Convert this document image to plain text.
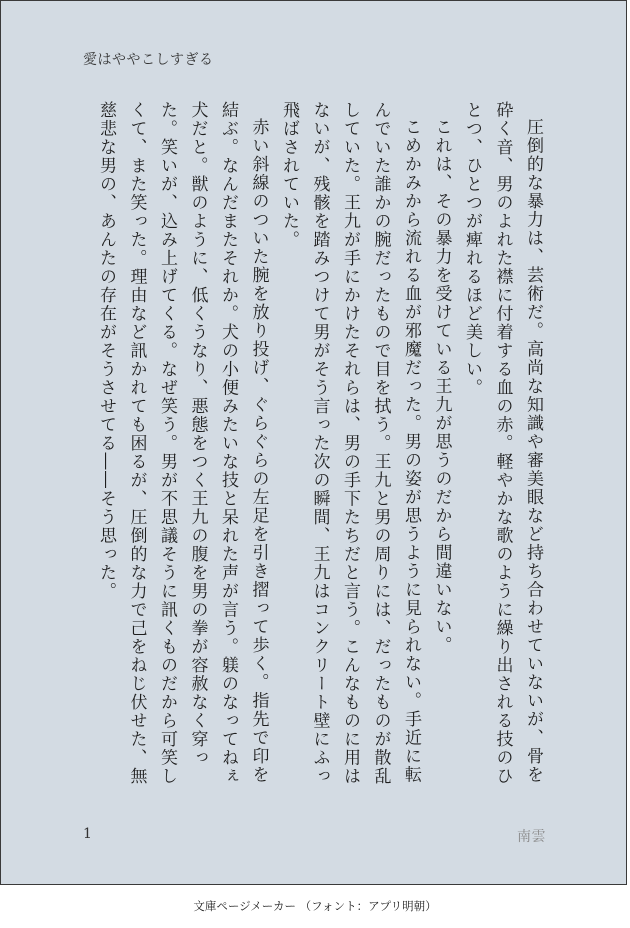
愛はややこしすぎる

圧倒的な暴力は、芸術だ。高尚な知識や審美眼など持ち合わせていないが、骨を砕く音、男のよれた襟に付着する血の赤。軽やかな歌のように繰り出される技のひとつ、ひとつが痺れるほど美しい。

これは、その暴力を受けている王九が思うのだから間違いない。

こめかみから流れる血が邪魔だった。男の姿が思うように見られない。手近に転んでいた誰かの腕だったもので目を拭う。王九と男の周りには、だったものが散乱していた。王九が手にかけたそれらは、男の手下たちだと言う。こんなものに用はないが、残骸を踏みつけて男がそう言った次の瞬間、王九はコンクリート壁にふっ飛ばされていた。

赤い斜線のついた腕を放り投げ、ぐらぐらの左足を引き摺って歩く。指先で印を結ぶ。なんだまたそれか。犬の小便みたいな技と呆れた声が言う。躾のなってねぇ犬だと。獣のように、低くうなり、悪態をつく王九の腹を男の拳が容赦なく穿った。笑いが、込み上げてくる。なぜ笑う。男が不思議そうに訊くものだから可笑しくて、また笑った。理由など訊かれても困るが、圧倒的な力で己をねじ伏せた、無慈悲な男の、あんたの存在がそうさせてる――そう思った。

1	南雲
文庫ページメーカー （フォント：アプリ明朝）
